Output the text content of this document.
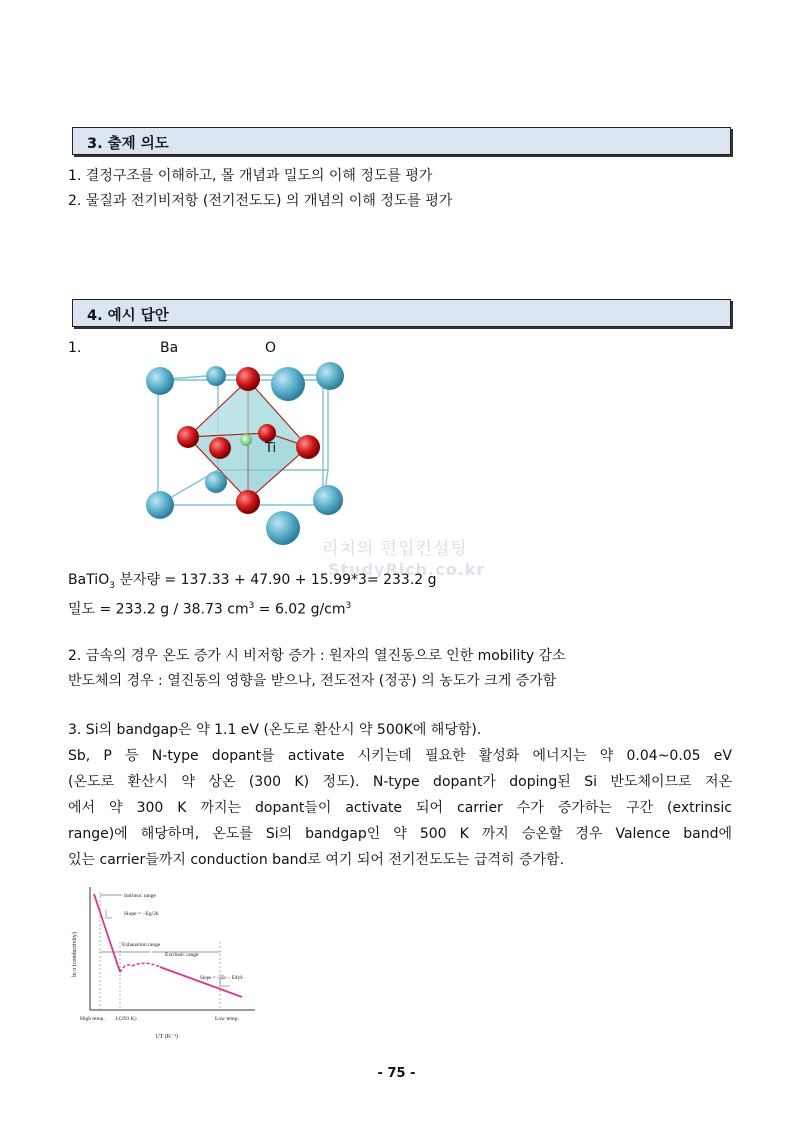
3. 출제 의도
1. 결정구조를 이해하고, 몰 개념과 밀도의 이해 정도를 평가
2. 물질과 전기비저항 (전기전도도) 의 개념의 이해 정도를 평가
4. 예시 답안
1.	Ba	O
Ti
리치의 편입컨설팅
StudyRich.co.kr
BaTiO$_3$ 분자량 = 137.33 + 47.90 + 15.99*3= 233.2 g
밀도 = 233.2 g / 38.73 $cm^3 = 6.02$ $g/cm^3$
2. 금속의 경우 온도 증가 시 비저항 증가 : 원자의 열진동으로 인한 mobility 감소
반도체의 경우 : 열진동의 영향을 받으나, 전도전자 (정공) 의 농도가 크게 증가함
3. Si의 bandgap은 약 1.1 eV (온도로 환산시 약 500K에 해당함).
Sb, P 등 N-type dopant를 activate 시키는데 필요한 활성화 에너지는 약 0.04~0.05 eV
(온도로 환산시 약 상온 (300 K) 정도). N-type dopant가 doping된 Si 반도체이므로 저온
에서 약 300 K 까지는 dopant들이 activate 되어 carrier 수가 증가하는 구간 (extrinsic
range)에 해당하며, 온도를 Si의 bandgap인 약 500 K 까지 승온할 경우 Valence band에
있는 carrier들까지 conduction band로 여기 되어 전기전도도는 급격히 증가함.
Intrinsic range
Slope = −Eg/2k
Exhaustion range
Extrinsic range
Slope = −(Ec − Ed)/k
ln σ (conductivity)
High temp. 1/(293 K)	Low temp.
1/T (K⁻¹)
- 75 -
